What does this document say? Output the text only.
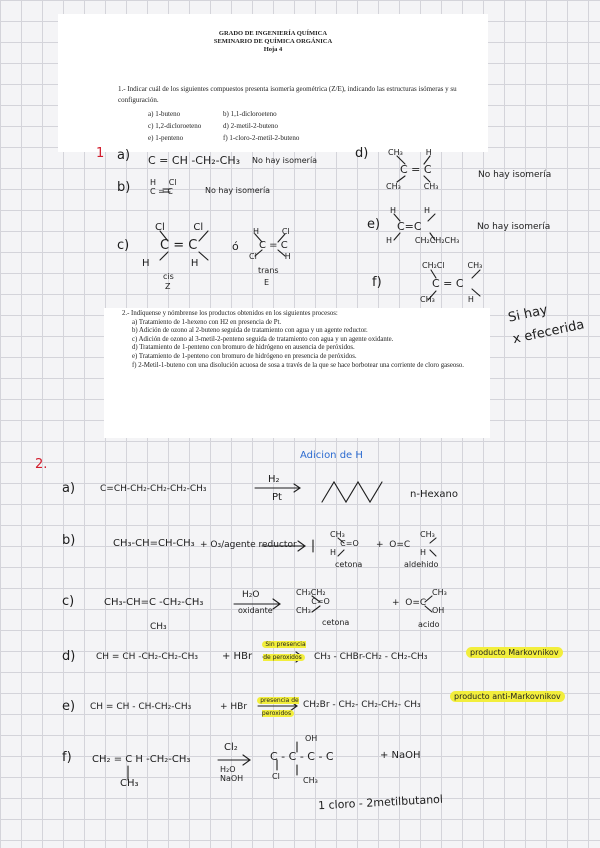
GRADO DE INGENIERÍA QUÍMICA
SEMINARIO DE QUÍMICA ORGÁNICA
Hoja 4
1.- Indicar cuál de los siguientes compuestos presenta isomería geométrica (Z/E), indicando las estructuras isómeras y su configuración.
a) 1-buteno	b) 1,1-dicloroeteno
c) 1,2-dicloroeteno	d) 2-metil-2-buteno
e) 1-penteno	f) 1-cloro-2-metil-2-buteno

2.- Indíquense y nómbrense los productos obtenidos en los siguientes procesos:

a) Tratamiento de 1-hexeno con H2 en presencia de Pt.

b) Adición de ozono al 2-buteno seguida de tratamiento con agua y un agente reductor.

c) Adición de ozono al 3-metil-2-penteno seguida de tratamiento con agua y un agente oxidante.

d) Tratamiento de 1-penteno con bromuro de hidrógeno en ausencia de peróxidos.

e) Tratamiento de 1-penteno con bromuro de hidrógeno en presencia de peróxidos.

f) 2-Metil-1-buteno con una disolución acuosa de sosa a través de la que se hace borbotear una corriente de cloro gaseoso.

1 a) C = CH -CH₂-CH₃ No hay isomería
b) H     Cl
C = C	No hay isomería
c)
Cl         Cl
C = C
H             H
ó
H         Cl
C = C
Cl           H
cis
Z
trans
E
d) CH₃         H
C = C
CH₃         CH₃
No hay isomería
e)
H           H
C=C
H         CH₂CH₂CH₃
No hay isomería
f)
CH₂Cl         CH₃
C = C
CH₃             H
Si hay
x efecerida
2.
Adicion de H
a)	C=CH-CH₂-CH₂-CH₂-CH₃
H₂
Pt	n-Hexano
b)	CH₃-CH=CH-CH₃ + O₃/agente reductor
CH₃
C=O
H
cetona
+  O=C
CH₃

H
aldehido
c)	CH₃-CH=C -CH₂-CH₃
CH₃
H₂O
oxidante
CH₃CH₂
C=O
CH₃
cetona
+  O=C
CH₃

OH
acido
d) CH = CH -CH₂-CH₂-CH₃ + HBr
Sin presencia de peroxidos	CH₃ - CHBr-CH₂ - CH₂-CH₃	producto Markovnikov
e) CH = CH - CH-CH₂-CH₃	+ HBr
presencia de peroxidos
CH₂Br - CH₂- CH₂-CH₂- CH₃
producto anti-Markovnikov
f) CH₂ = C H -CH₂-CH₃
CH₃
Cl₂
H₂O NaOH
OH
C - C - C - C
Cl	CH₃
+ NaOH
1 cloro - 2metilbutanol
